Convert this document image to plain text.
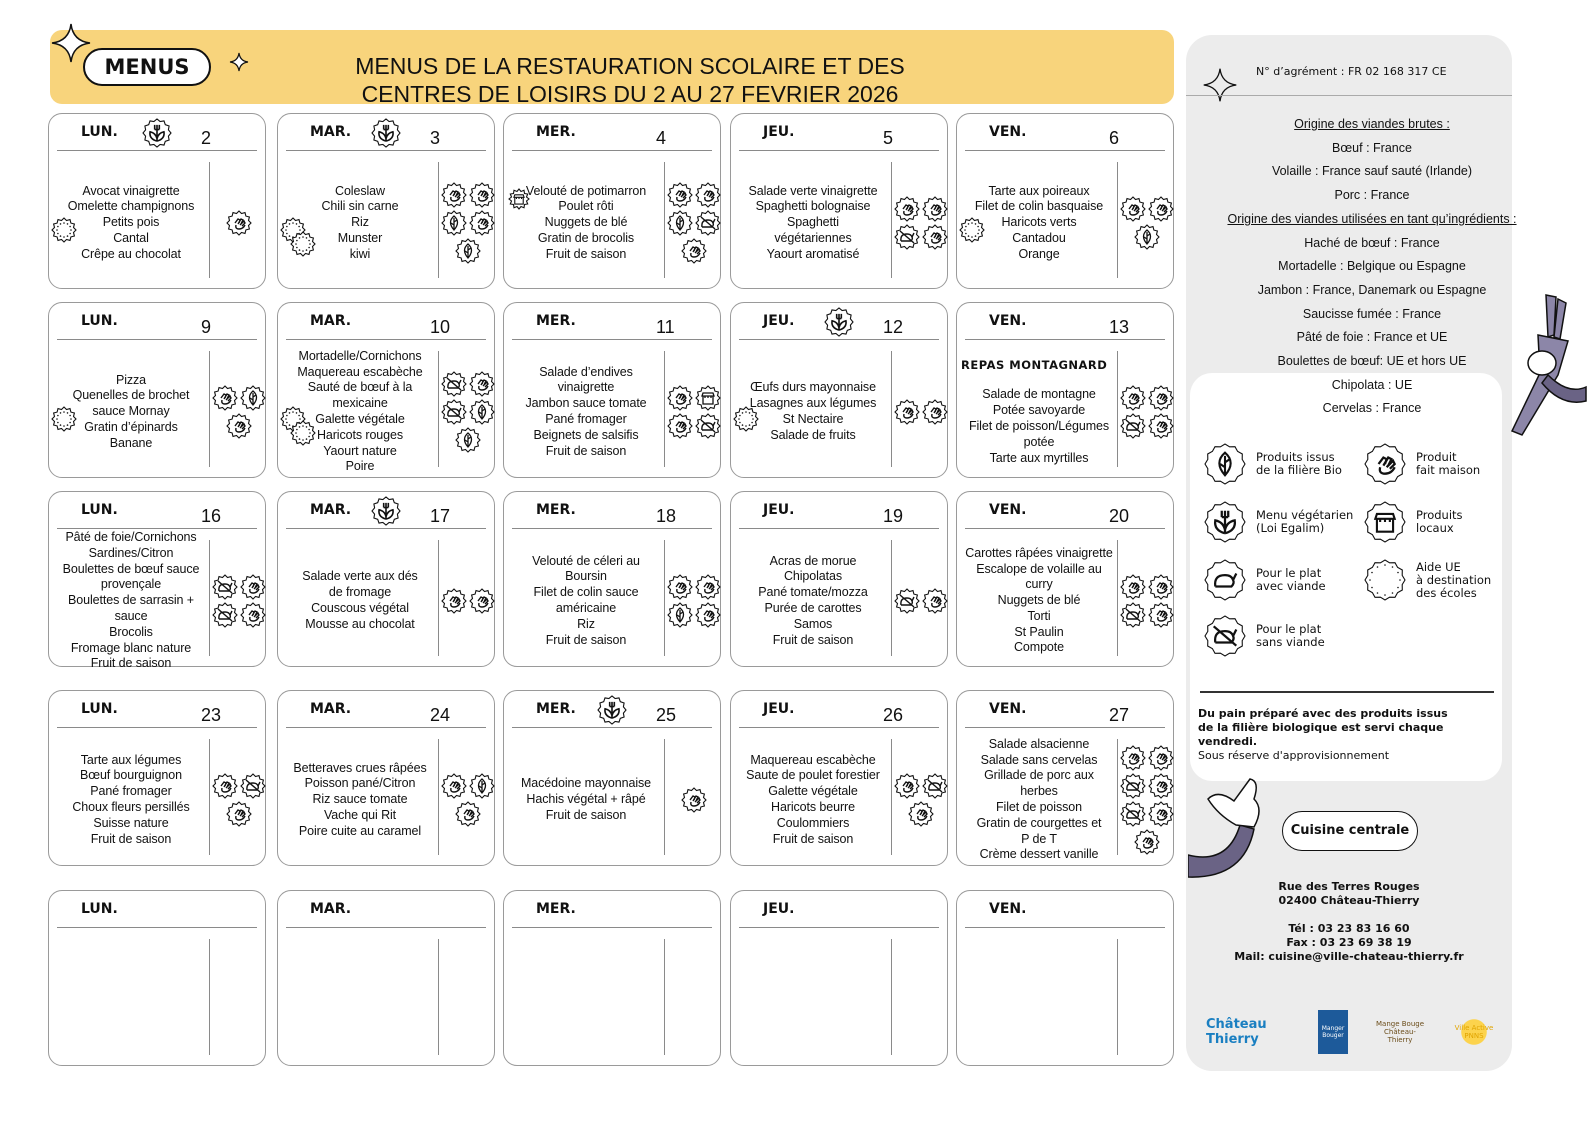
MENUS	MENUS DE LA RESTAURATION SCOLAIRE ET DES
CENTRES DE LOISIRS DU 2 AU 27 FEVRIER 2026
LUN.	2
Avocat vinaigrette
Omelette champignons
Petits pois
Cantal
Crêpe au chocolat
MAR.	3
Coleslaw
Chili sin carne
Riz
Munster
kiwi
MER.	4
Velouté de potimarron
Poulet rôti
Nuggets de blé
Gratin de brocolis
Fruit de saison
JEU.	5
Salade verte vinaigrette
Spaghetti bolognaise
Spaghetti
végétariennes
Yaourt aromatisé
VEN.	6
Tarte aux poireaux
Filet de colin basquaise
Haricots verts
Cantadou
Orange
LUN.	9
Pizza
Quenelles de brochet
sauce Mornay
Gratin d’épinards
Banane
MAR.	10
Mortadelle/Cornichons
Maquereau escabèche
Sauté de bœuf à la
mexicaine
Galette végétale
Haricots rouges
Yaourt nature
Poire
MER.	11
Salade d’endives
vinaigrette
Jambon sauce tomate
Pané fromager
Beignets de salsifis
Fruit de saison
JEU.	12
Œufs durs mayonnaise
Lasagnes aux légumes
St Nectaire
Salade de fruits
VEN.	13
REPAS MONTAGNARD
Salade de montagne
Potée savoyarde
Filet de poisson/Légumes
potée
Tarte aux myrtilles
LUN.	16
Pâté de foie/Cornichons
Sardines/Citron
Boulettes de bœuf sauce
provençale
Boulettes de sarrasin +
sauce
Brocolis
Fromage blanc nature
Fruit de saison
MAR.	17
Salade verte aux dés
de fromage
Couscous végétal
Mousse au chocolat
MER.	18
Velouté de céleri au
Boursin
Filet de colin sauce
américaine
Riz
Fruit de saison
JEU.	19
Acras de morue
Chipolatas
Pané tomate/mozza
Purée de carottes
Samos
Fruit de saison
VEN.	20
Carottes râpées vinaigrette
Escalope de volaille au
curry
Nuggets de blé
Torti
St Paulin
Compote
LUN.	23
Tarte aux légumes
Bœuf bourguignon
Pané fromager
Choux fleurs persillés
Suisse nature
Fruit de saison
MAR.	24
Betteraves crues râpées
Poisson pané/Citron
Riz sauce tomate
Vache qui Rit
Poire cuite au caramel
MER.	25
Macédoine mayonnaise
Hachis végétal + râpé
Fruit de saison
JEU.	26
Maquereau escabèche
Saute de poulet forestier
Galette végétale
Haricots beurre
Coulommiers
Fruit de saison
VEN.	27
Salade alsacienne
Salade sans cervelas
Grillade de porc aux
herbes
Filet de poisson
Gratin de courgettes et
P de T
Crème dessert vanille
LUN.	MAR.	MER.	JEU.	VEN.
N° d’agrément : FR 02 168 317 CE
Produits issus
de la filière Bio
Produit
fait maison
Menu végétarien
(Loi Egalim)
Produits
locaux
Pour le plat
avec viande
Aide UE
à destination
des écoles
Pour le plat
sans viande
Du pain préparé avec des produits issus
de la filière biologique est servi chaque vendredi.
Sous réserve d'approvisionnement
Origine des viandes brutes :
Bœuf : France
Volaille : France sauf sauté (Irlande)
Porc : France
Origine des viandes utilisées en tant qu’ingrédients :
Haché de bœuf : France
Mortadelle : Belgique ou Espagne
Jambon : France, Danemark ou Espagne
Saucisse fumée : France
Pâté de foie : France et UE
Boulettes de bœuf: UE et hors UE
Chipolata : UE
Cervelas : France
Cuisine centrale
Rue des Terres Rouges
02400 Château-Thierry
Tél : 03 23 83 16 60
Fax : 03 23 69 38 19
Mail: cuisine@ville-chateau-thierry.fr
Château Thierry
Manger Bouger
Mange Bouge Château-Thierry
Ville Active PNNS
